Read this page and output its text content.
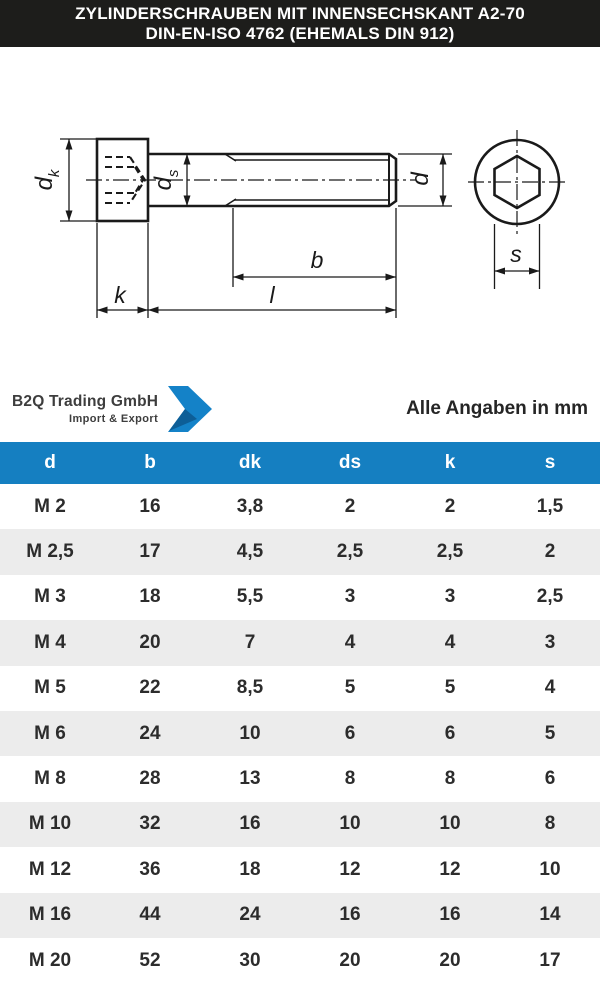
ZYLINDERSCHRAUBEN MIT INNENSECHSKANT A2-70
DIN-EN-ISO 4762 (EHEMALS DIN 912)
$d_k$
$d_s$	d
b
k	l
s
B2Q Trading GmbH
Import & Export	Alle Angaben in mm
d	b	dk	ds	k	s
M 2	16	3,8	2	2	1,5
M 2,5	17	4,5	2,5	2,5	2
M 3	18	5,5	3	3	2,5
M 4	20	7	4	4	3
M 5	22	8,5	5	5	4
M 6	24	10	6	6	5
M 8	28	13	8	8	6
M 10	32	16	10	10	8
M 12	36	18	12	12	10
M 16	44	24	16	16	14
M 20	52	30	20	20	17
